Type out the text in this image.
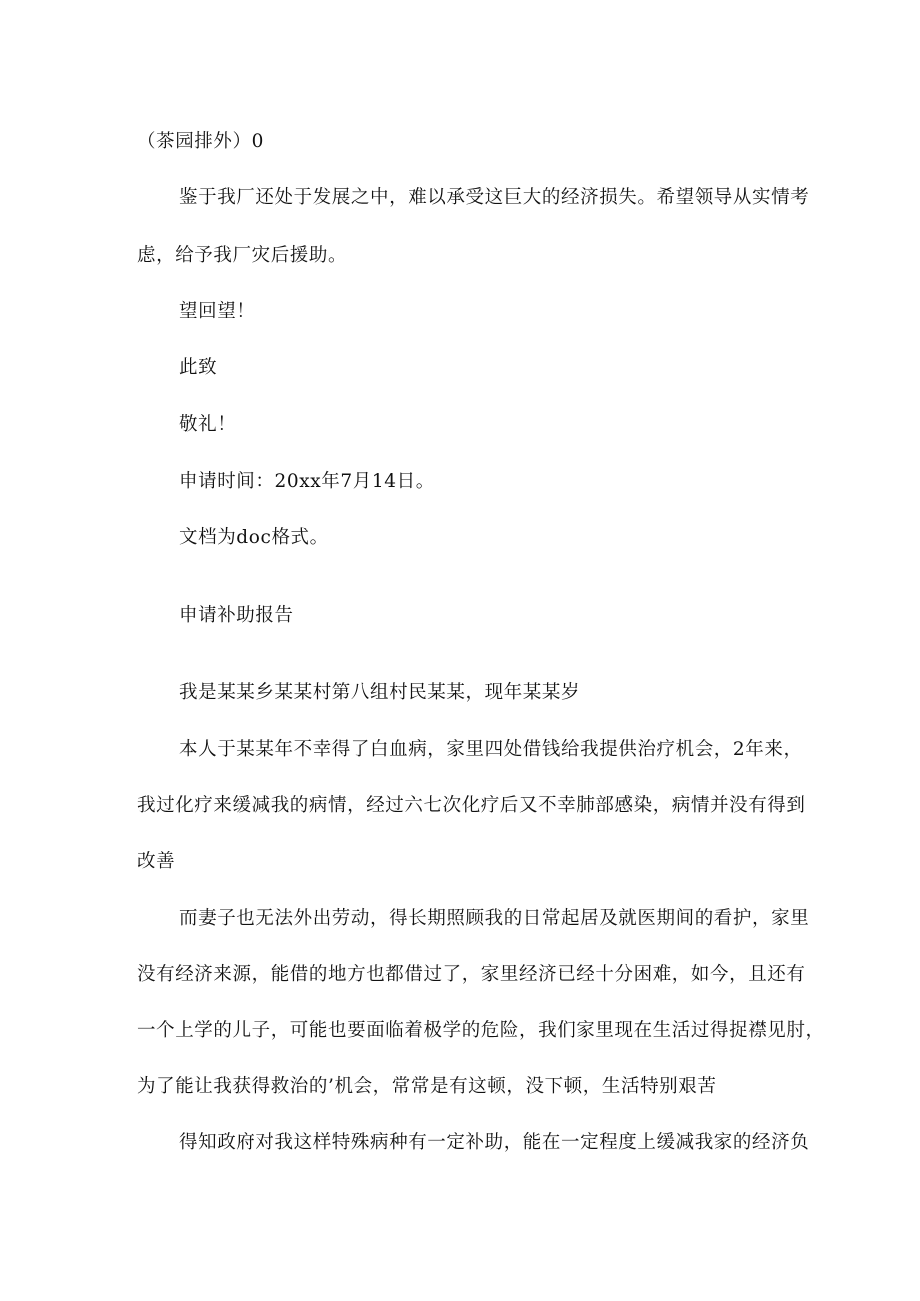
（茶园排外）0
鉴于我厂还处于发展之中，难以承受这巨大的经济损失。希望领导从实情考
虑，给予我厂灾后援助。
望回望！
此致
敬礼！
申请时间：20xx年7月14日。
文档为doc格式。
申请补助报告
我是某某乡某某村第八组村民某某，现年某某岁
本人于某某年不幸得了白血病，家里四处借钱给我提供治疗机会，2年来，
我过化疗来缓减我的病情，经过六七次化疗后又不幸肺部感染，病情并没有得到
改善
而妻子也无法外出劳动，得长期照顾我的日常起居及就医期间的看护，家里
没有经济来源，能借的地方也都借过了，家里经济已经十分困难，如今，且还有
一个上学的儿子，可能也要面临着极学的危险，我们家里现在生活过得捉襟见肘，
为了能让我获得救治的’机会，常常是有这顿，没下顿，生活特别艰苦
得知政府对我这样特殊病种有一定补助，能在一定程度上缓减我家的经济负
